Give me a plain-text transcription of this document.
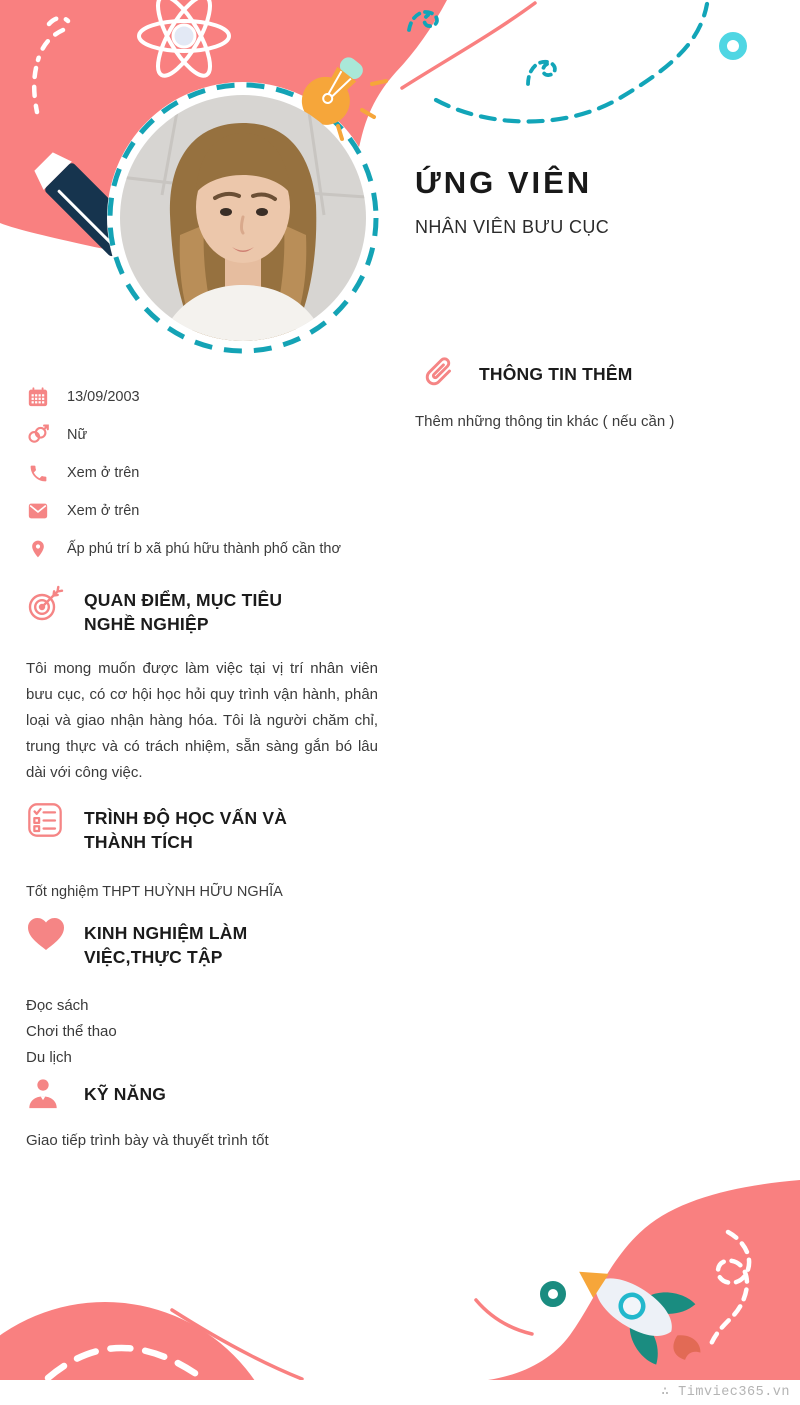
ỨNG VIÊN
NHÂN VIÊN BƯU CỤC
13/09/2003
Nữ
Xem ở trên
Xem ở trên
Ấp phú trí b xã phú hữu thành phố cần thơ
QUAN ĐIỂM, MỤC TIÊU NGHỀ NGHIỆP

Tôi mong muốn được làm việc tại vị trí nhân viên bưu cục, có cơ hội học hỏi quy trình vận hành, phân loại và giao nhận hàng hóa. Tôi là người chăm chỉ, trung thực và có trách nhiệm, sẵn sàng gắn bó lâu dài với công việc.

TRÌNH ĐỘ HỌC VẤN VÀ THÀNH TÍCH
Tốt nghiệm THPT HUỲNH HỮU NGHĨA
KINH NGHIỆM LÀM VIỆC,THỰC TẬP
Đọc sách
Chơi thể thao
Du lịch
KỸ NĂNG
Giao tiếp trình bày và thuyết trình tốt
THÔNG TIN THÊM
Thêm những thông tin khác ( nếu cần )
∴ Timviec365.vn
